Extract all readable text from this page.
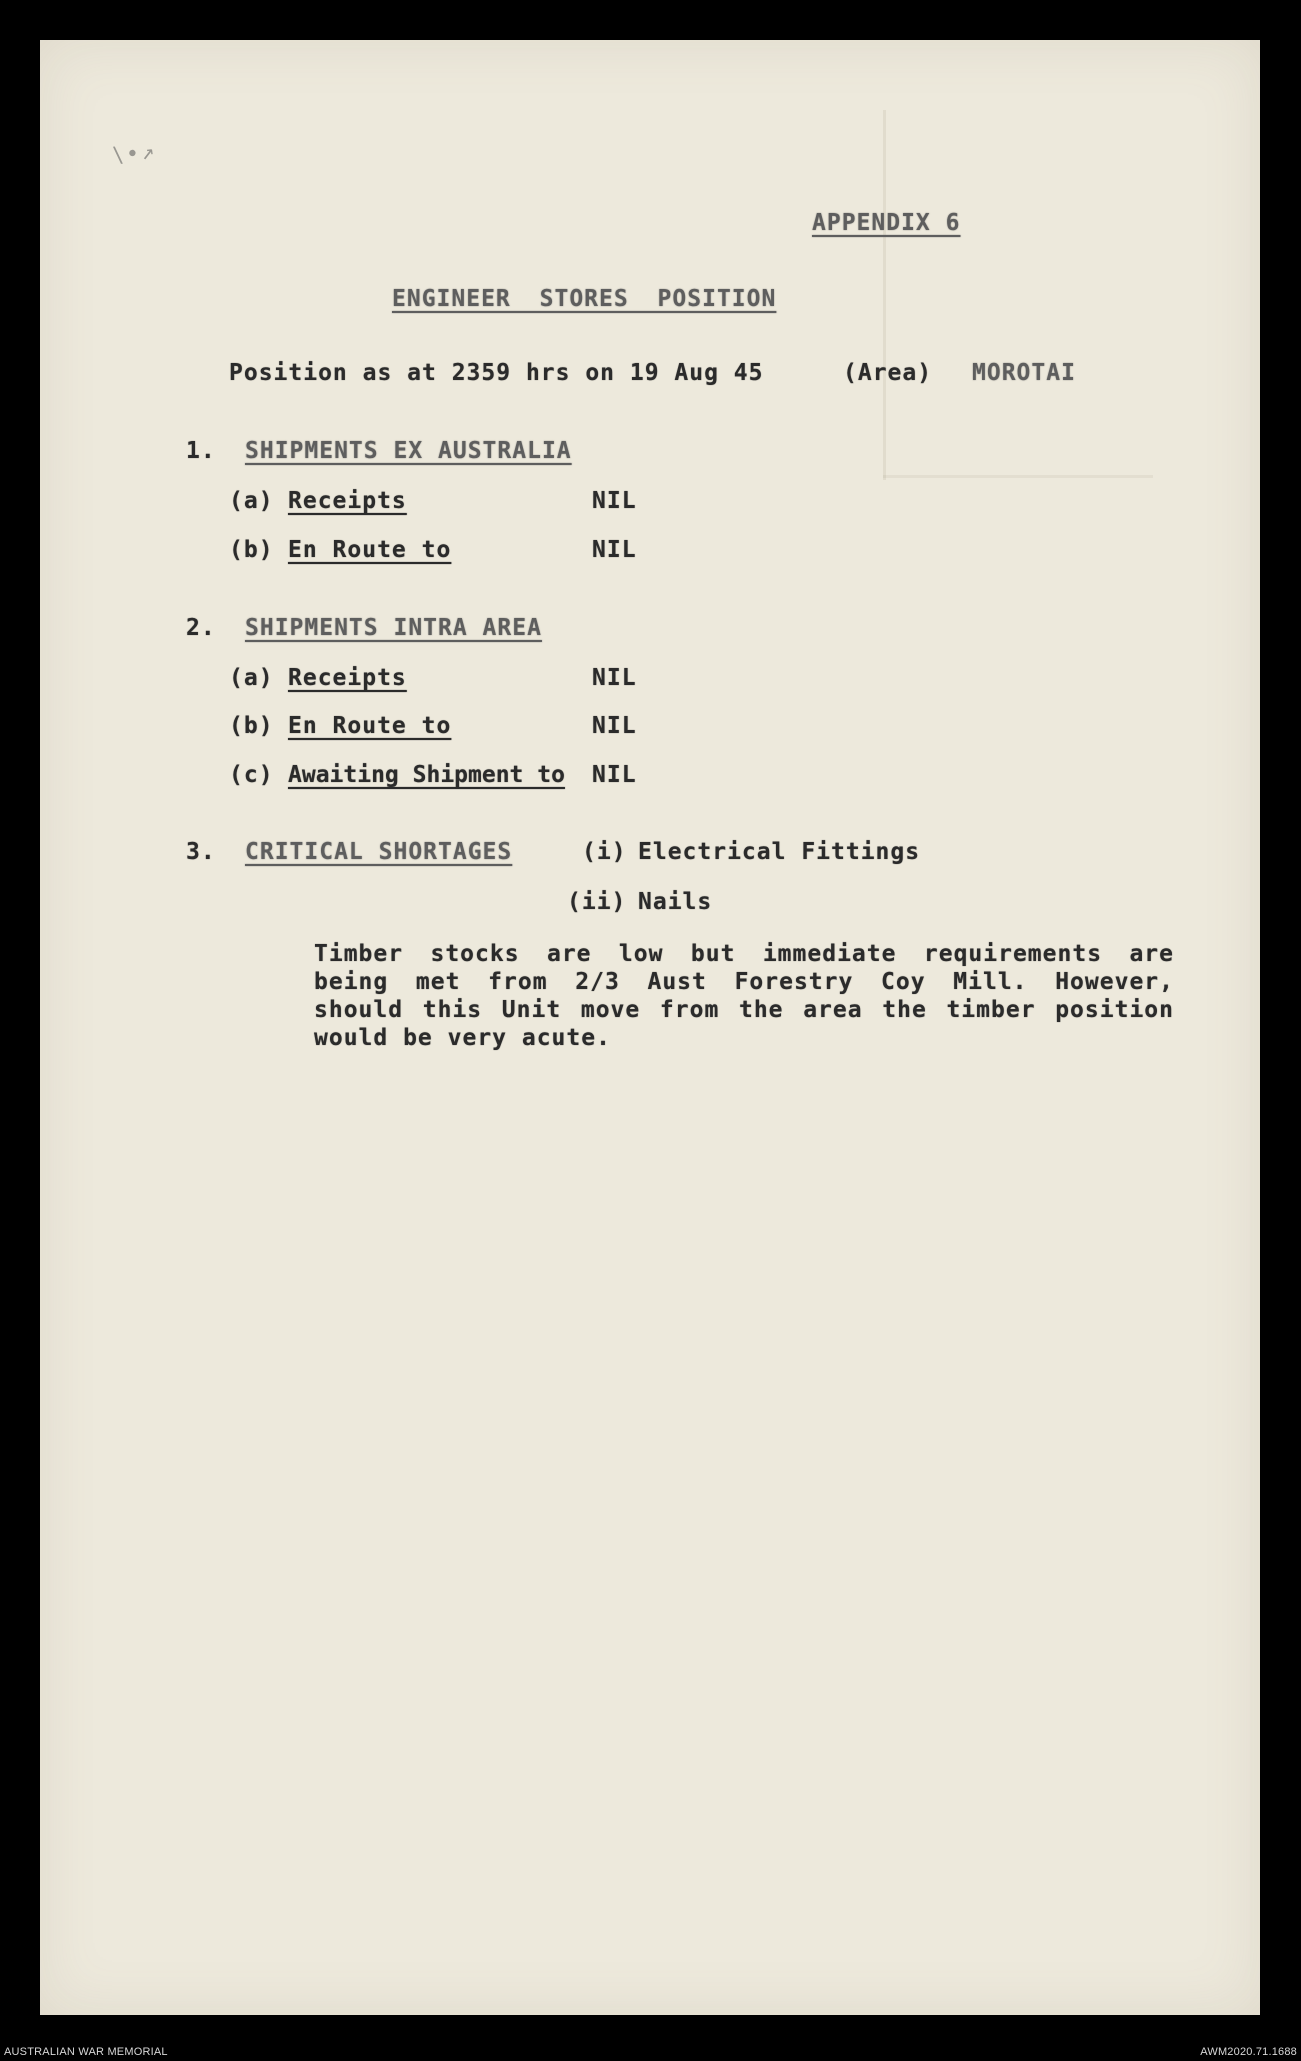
∖•↗
APPENDIX 6
ENGINEER STORES POSITION
Position as at 2359 hrs on 19 Aug 45	(Area) MOROTAI
1. SHIPMENTS EX AUSTRALIA
(a) Receipts	NIL
(b) En Route to	NIL
2. SHIPMENTS INTRA AREA
(a) Receipts	NIL
(b) En Route to	NIL
(c) Awaiting Shipment to NIL
3. CRITICAL SHORTAGES	(i) Electrical Fittings
(ii) Nails
Timber stocks are low but immediate requirements are being met from 2/3 Aust Forestry Coy Mill. However, should this Unit move from the area the timber position would be very acute.
AUSTRALIAN WAR MEMORIAL	AWM2020.71.1688
